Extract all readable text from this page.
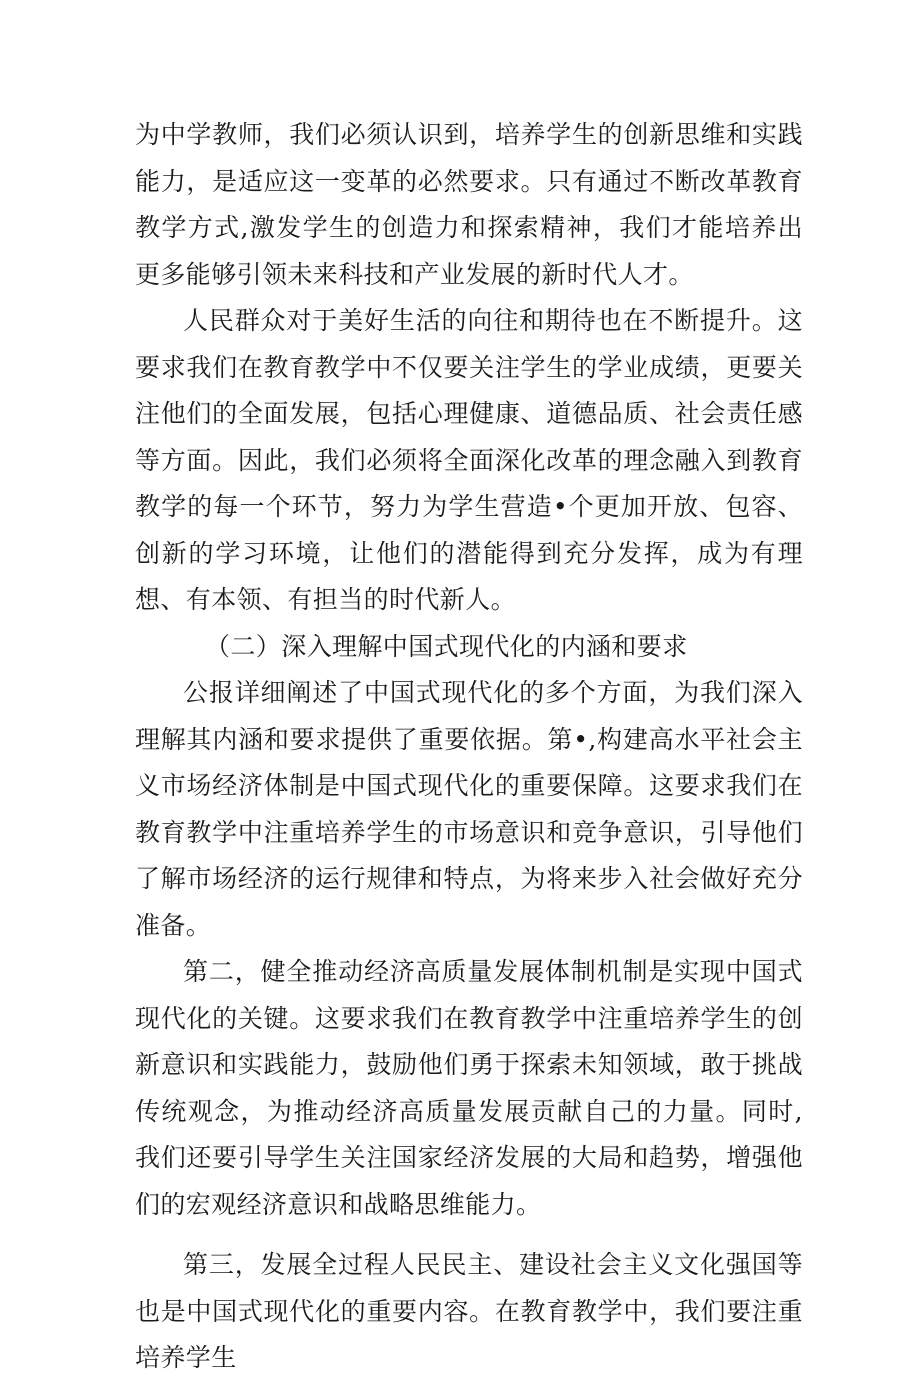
为中学教师，我们必须认识到，培养学生的创新思维和实践能力，是适应这一变革的必然要求。只有通过不断改革教育教学方式,激发学生的创造力和探索精神，我们才能培养出更多能够引领未来科技和产业发展的新时代人才。

人民群众对于美好生活的向往和期待也在不断提升。这要求我们在教育教学中不仅要关注学生的学业成绩，更要关注他们的全面发展，包括心理健康、道德品质、社会责任感等方面。因此，我们必须将全面深化改革的理念融入到教育教学的每一个环节，努力为学生营造•个更加开放、包容、创新的学习环境，让他们的潜能得到充分发挥，成为有理想、有本领、有担当的时代新人。

（二）深入理解中国式现代化的内涵和要求

公报详细阐述了中国式现代化的多个方面，为我们深入理解其内涵和要求提供了重要依据。第•,构建高水平社会主义市场经济体制是中国式现代化的重要保障。这要求我们在教育教学中注重培养学生的市场意识和竞争意识，引导他们了解市场经济的运行规律和特点，为将来步入社会做好充分准备。

第二，健全推动经济高质量发展体制机制是实现中国式现代化的关键。这要求我们在教育教学中注重培养学生的创新意识和实践能力，鼓励他们勇于探索未知领域，敢于挑战传统观念，为推动经济高质量发展贡献自己的力量。同时,我们还要引导学生关注国家经济发展的大局和趋势，增强他们的宏观经济意识和战略思维能力。

第三，发展全过程人民民主、建设社会主义文化强国等也是中国式现代化的重要内容。在教育教学中，我们要注重培养学生
